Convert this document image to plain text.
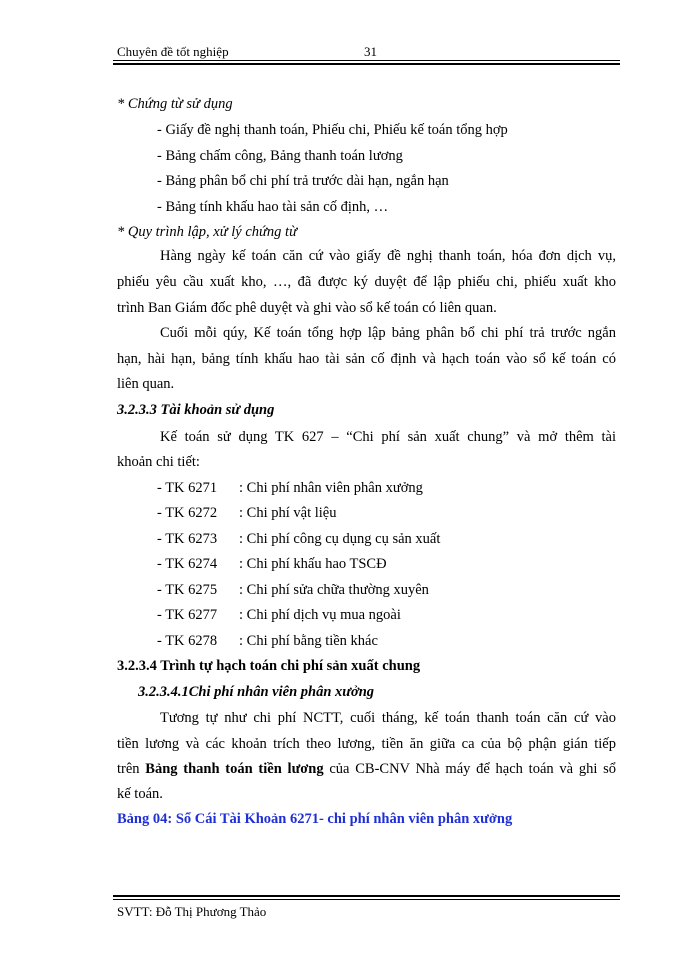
Chuyên đề tốt nghiệp	31
* Chứng từ sử dụng
- Giấy đề nghị thanh toán, Phiếu chi, Phiếu kế toán tổng hợp
- Bảng chấm công, Bảng thanh toán lương
- Bảng phân bổ chi phí trả trước dài hạn, ngắn hạn
- Bảng tính khấu hao tài sản cố định, …
* Quy trình lập, xử lý chứng từ
Hàng ngày kế toán căn cứ vào giấy đề nghị thanh toán, hóa đơn dịch vụ,
phiếu yêu cầu xuất kho, …, đã được ký duyệt để lập phiếu chi, phiếu xuất kho
trình Ban Giám đốc phê duyệt và ghi vào sổ kế toán có liên quan.
Cuối mỗi qúy, Kế toán tổng hợp lập bảng phân bổ chi phí trả trước ngắn
hạn, hài hạn, bảng tính khấu hao tài sản cố định và hạch toán vào sổ kế toán có
liên quan.
3.2.3.3 Tài khoản sử dụng
Kế toán sử dụng TK 627 – “Chi phí sản xuất chung” và mở thêm tài
khoản chi tiết:
- TK 6271 : Chi phí nhân viên phân xưởng
- TK 6272 : Chi phí vật liệu
- TK 6273 : Chi phí công cụ dụng cụ sản xuất
- TK 6274 : Chi phí khấu hao TSCĐ
- TK 6275 : Chi phí sửa chữa thường xuyên
- TK 6277 : Chi phí dịch vụ mua ngoài
- TK 6278 : Chi phí bằng tiền khác
3.2.3.4 Trình tự hạch toán chi phí sản xuất chung
3.2.3.4.1Chi phí nhân viên phân xưởng
Tương tự như chi phí NCTT, cuối tháng, kế toán thanh toán căn cứ vào
tiền lương và các khoản trích theo lương, tiền ăn giữa ca của bộ phận gián tiếp
trên Bảng thanh toán tiền lương của CB-CNV Nhà máy để hạch toán và ghi sổ
kế toán.
Bảng 04: Sổ Cái Tài Khoản 6271- chi phí nhân viên phân xưởng
SVTT: Đỗ Thị Phương Thảo
